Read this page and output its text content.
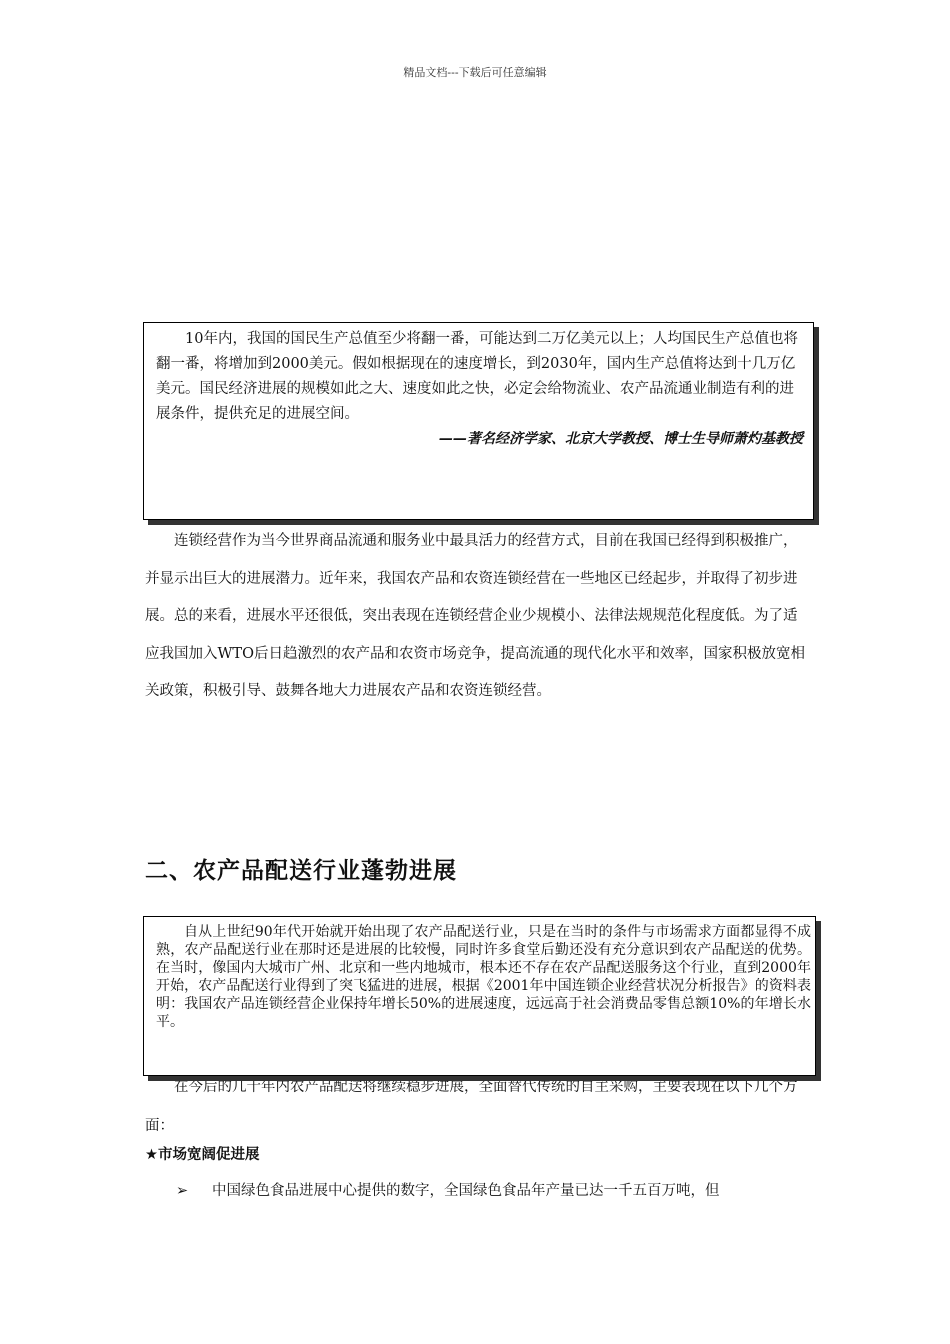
精品文档---下载后可任意编辑

10年内，我国的国民生产总值至少将翻一番，可能达到二万亿美元以上；人均国民生产总值也将翻一番，将增加到2000美元。假如根据现在的速度增长，到2030年，国内生产总值将达到十几万亿美元。国民经济进展的规模如此之大、速度如此之快，必定会给物流业、农产品流通业制造有利的进展条件，提供充足的进展空间。

——著名经济学家、北京大学教授、博士生导师萧灼基教授

连锁经营作为当今世界商品流通和服务业中最具活力的经营方式，目前在我国已经得到积极推广，并显示出巨大的进展潜力。近年来，我国农产品和农资连锁经营在一些地区已经起步，并取得了初步进展。总的来看，进展水平还很低，突出表现在连锁经营企业少规模小、法律法规规范化程度低。为了适应我国加入WTO后日趋激烈的农产品和农资市场竞争，提高流通的现代化水平和效率，国家积极放宽相关政策，积极引导、鼓舞各地大力进展农产品和农资连锁经营。

二、农产品配送行业蓬勃进展

在今后的几十年内农产品配送将继续稳步进展，全面替代传统的自主采购，主要表现在以下几个方面：

自从上世纪90年代开始就开始出现了农产品配送行业，只是在当时的条件与市场需求方面都显得不成熟，农产品配送行业在那时还是进展的比较慢，同时许多食堂后勤还没有充分意识到农产品配送的优势。在当时，像国内大城市广州、北京和一些内地城市，根本还不存在农产品配送服务这个行业，直到2000年开始，农产品配送行业得到了突飞猛进的进展，根据《2001年中国连锁企业经营状况分析报告》的资料表明：我国农产品连锁经营企业保持年增长50%的进展速度，远远高于社会消费品零售总额10%的年增长水平。

★市场宽阔促进展
➢ 中国绿色食品进展中心提供的数字，全国绿色食品年产量已达一千五百万吨，但
